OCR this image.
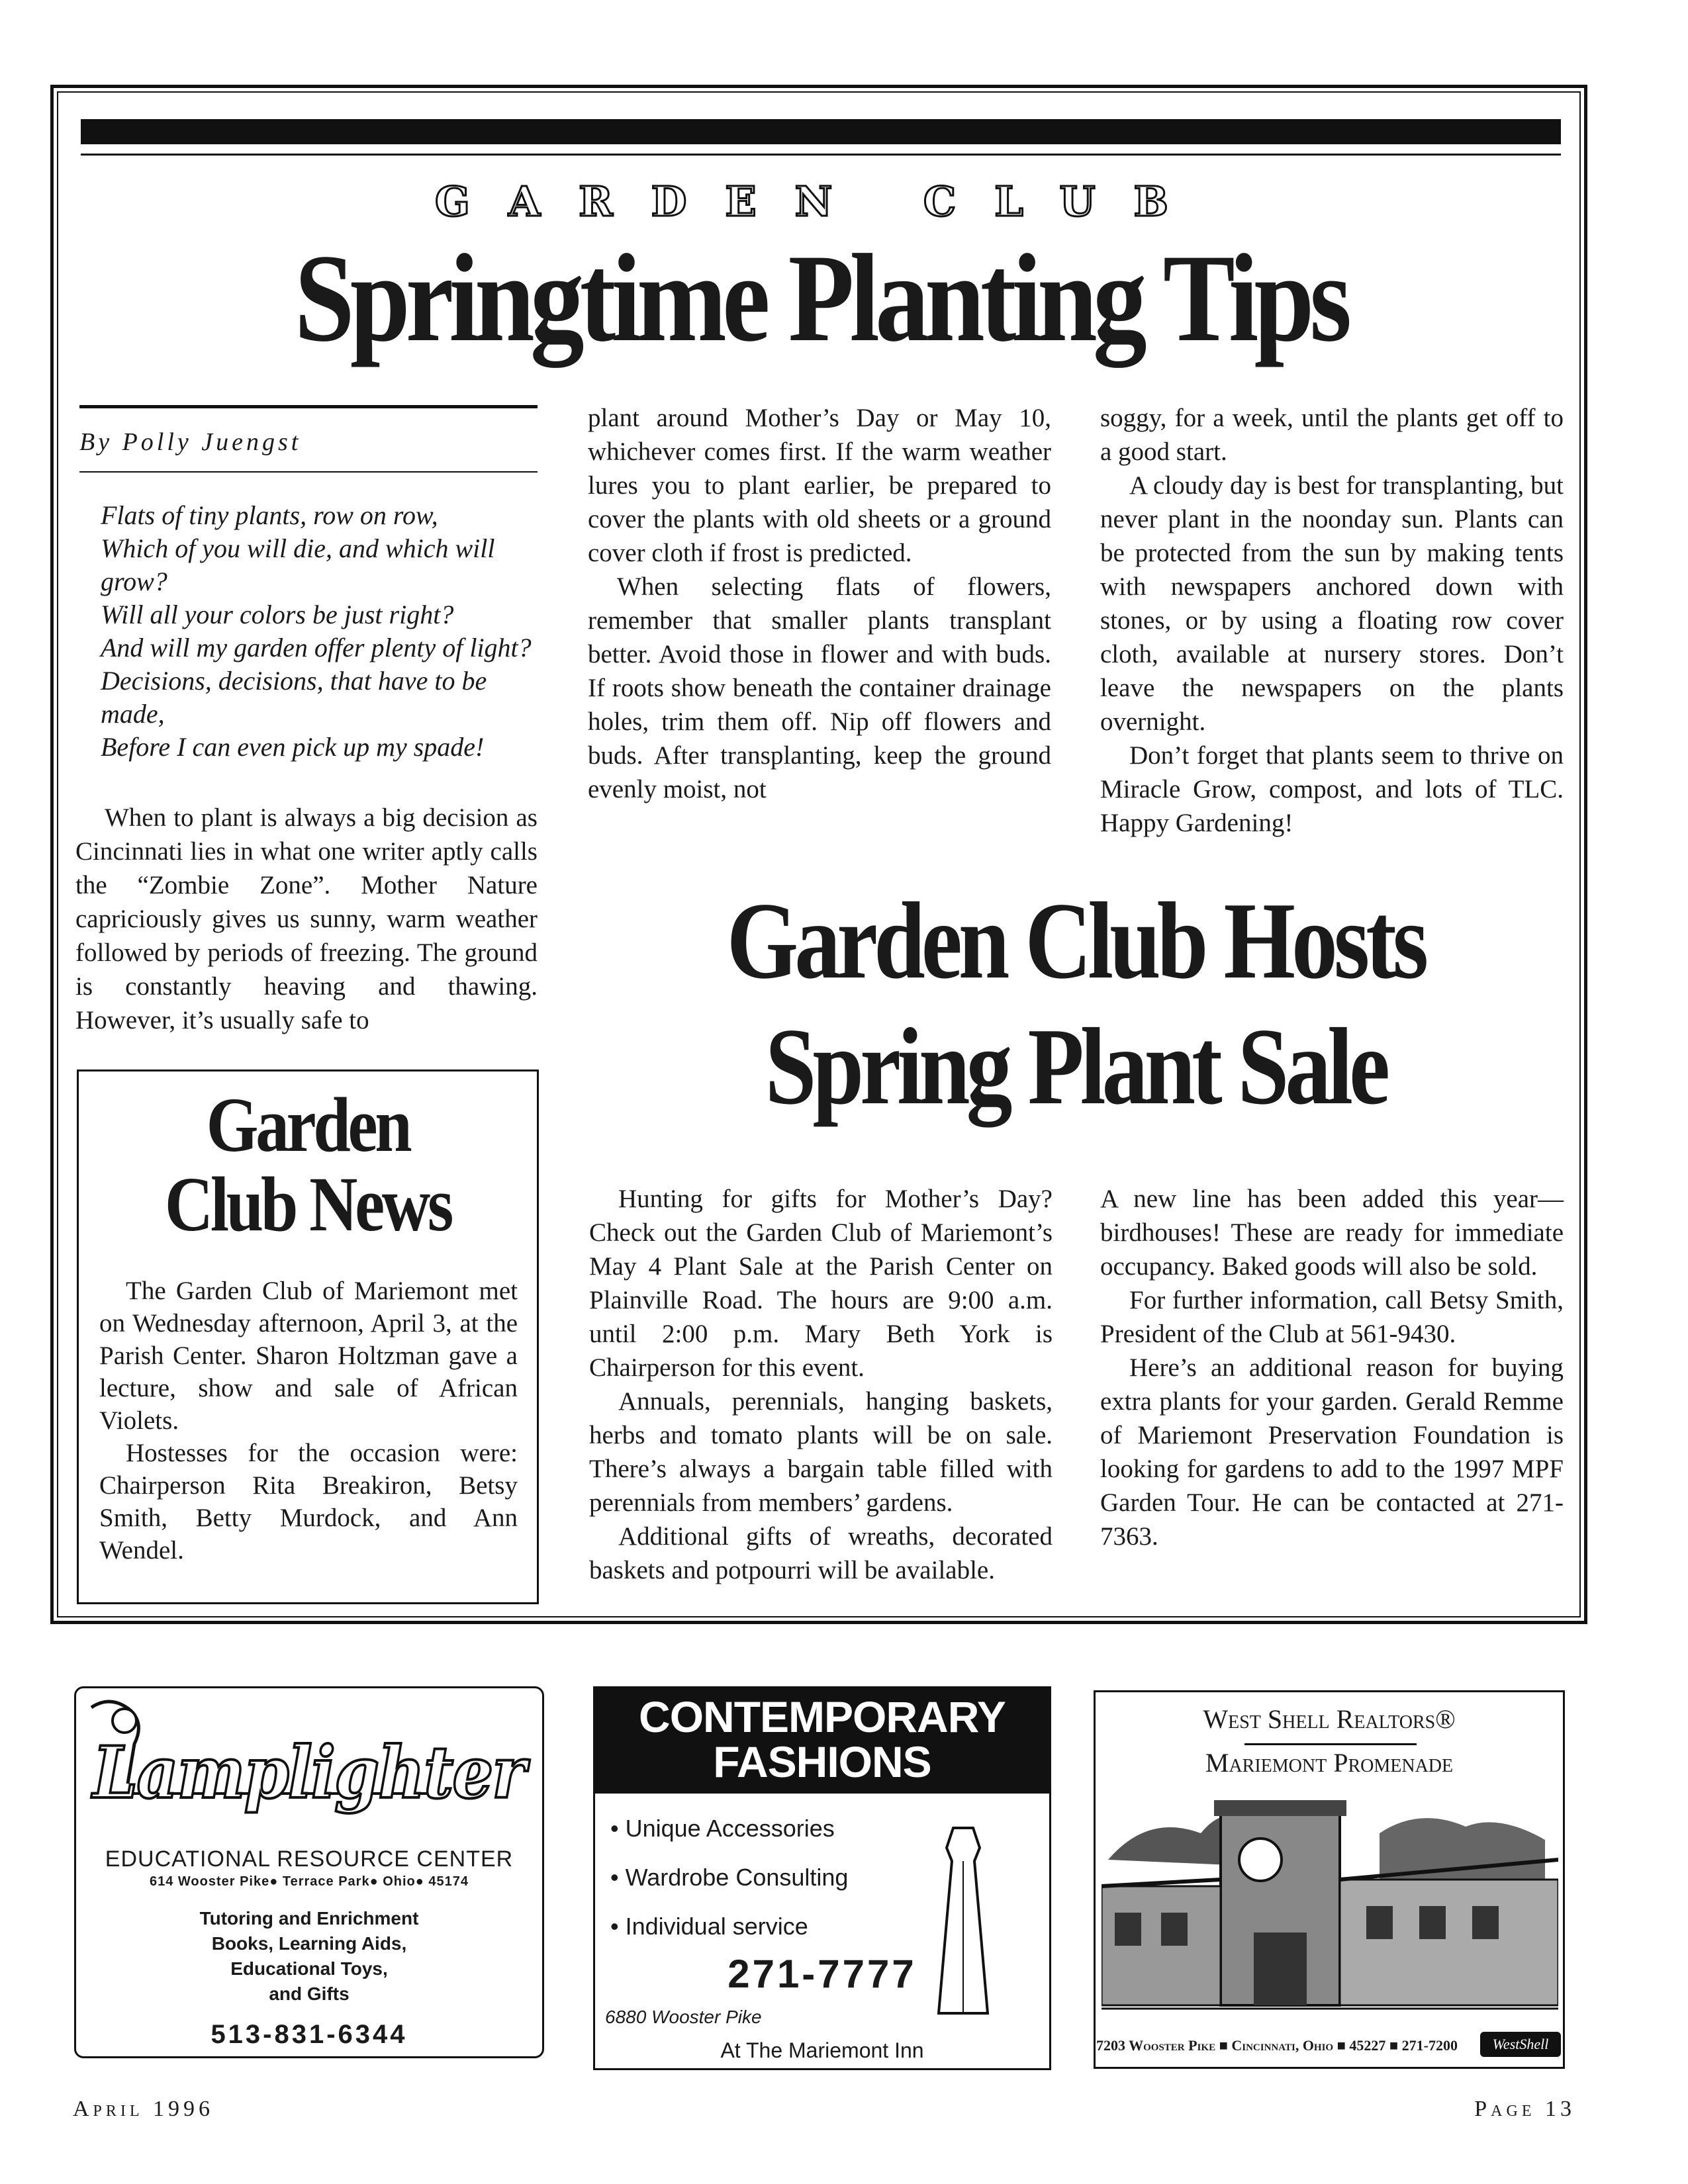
GARDEN CLUB
Springtime Planting Tips
By Polly Juengst
Flats of tiny plants, row on row,
Which of you will die, and which will grow?
Will all your colors be just right?
And will my garden offer plenty of light?
Decisions, decisions, that have to be made,
Before I can even pick up my spade!

When to plant is always a big decision as Cincinnati lies in what one writer aptly calls the “Zombie Zone”. Mother Nature capriciously gives us sunny, warm weather followed by periods of freezing. The ground is constantly heaving and thawing. However, it’s usually safe to

plant around Mother’s Day or May 10, whichever comes first. If the warm weather lures you to plant earlier, be prepared to cover the plants with old sheets or a ground cover cloth if frost is predicted.

When selecting flats of flowers, remember that smaller plants transplant better. Avoid those in flower and with buds. If roots show beneath the container drainage holes, trim them off. Nip off flowers and buds. After transplanting, keep the ground evenly moist, not

soggy, for a week, until the plants get off to a good start.

A cloudy day is best for transplanting, but never plant in the noonday sun. Plants can be protected from the sun by making tents with newspapers anchored down with stones, or by using a floating row cover cloth, available at nursery stores. Don’t leave the newspapers on the plants overnight.

Don’t forget that plants seem to thrive on Miracle Grow, compost, and lots of TLC. Happy Gardening!

Garden
Club News

The Garden Club of Mariemont met on Wednesday afternoon, April 3, at the Parish Center. Sharon Holtzman gave a lecture, show and sale of African Violets.

Hostesses for the occasion were: Chairperson Rita Breakiron, Betsy Smith, Betty Murdock, and Ann Wendel.

Garden Club Hosts
Spring Plant Sale

Hunting for gifts for Mother’s Day? Check out the Garden Club of Mariemont’s May 4 Plant Sale at the Parish Center on Plainville Road. The hours are 9:00 a.m. until 2:00 p.m. Mary Beth York is Chairperson for this event.

Annuals, perennials, hanging baskets, herbs and tomato plants will be on sale. There’s always a bargain table filled with perennials from members’ gardens.

Additional gifts of wreaths, decorated baskets and potpourri will be available.

A new line has been added this year—birdhouses! These are ready for immediate occupancy. Baked goods will also be sold.

For further information, call Betsy Smith, President of the Club at 561-9430.

Here’s an additional reason for buying extra plants for your garden. Gerald Remme of Mariemont Preservation Foundation is looking for gardens to add to the 1997 MPF Garden Tour. He can be contacted at 271-7363.

Lamplighter
EDUCATIONAL RESOURCE CENTER
614 Wooster Pike● Terrace Park● Ohio● 45174
Tutoring and Enrichment
Books, Learning Aids,
Educational Toys,
and Gifts
513-831-6344
CONTEMPORARY
FASHIONS
• Unique Accessories
• Wardrobe Consulting
• Individual service
271-7777
6880 Wooster Pike
At The Mariemont Inn
West Shell Realtors®
Mariemont Promenade
7203 Wooster Pike ■ Cincinnati, Ohio ■ 45227 ■ 271-7200	WestShell
April 1996	Page 13
